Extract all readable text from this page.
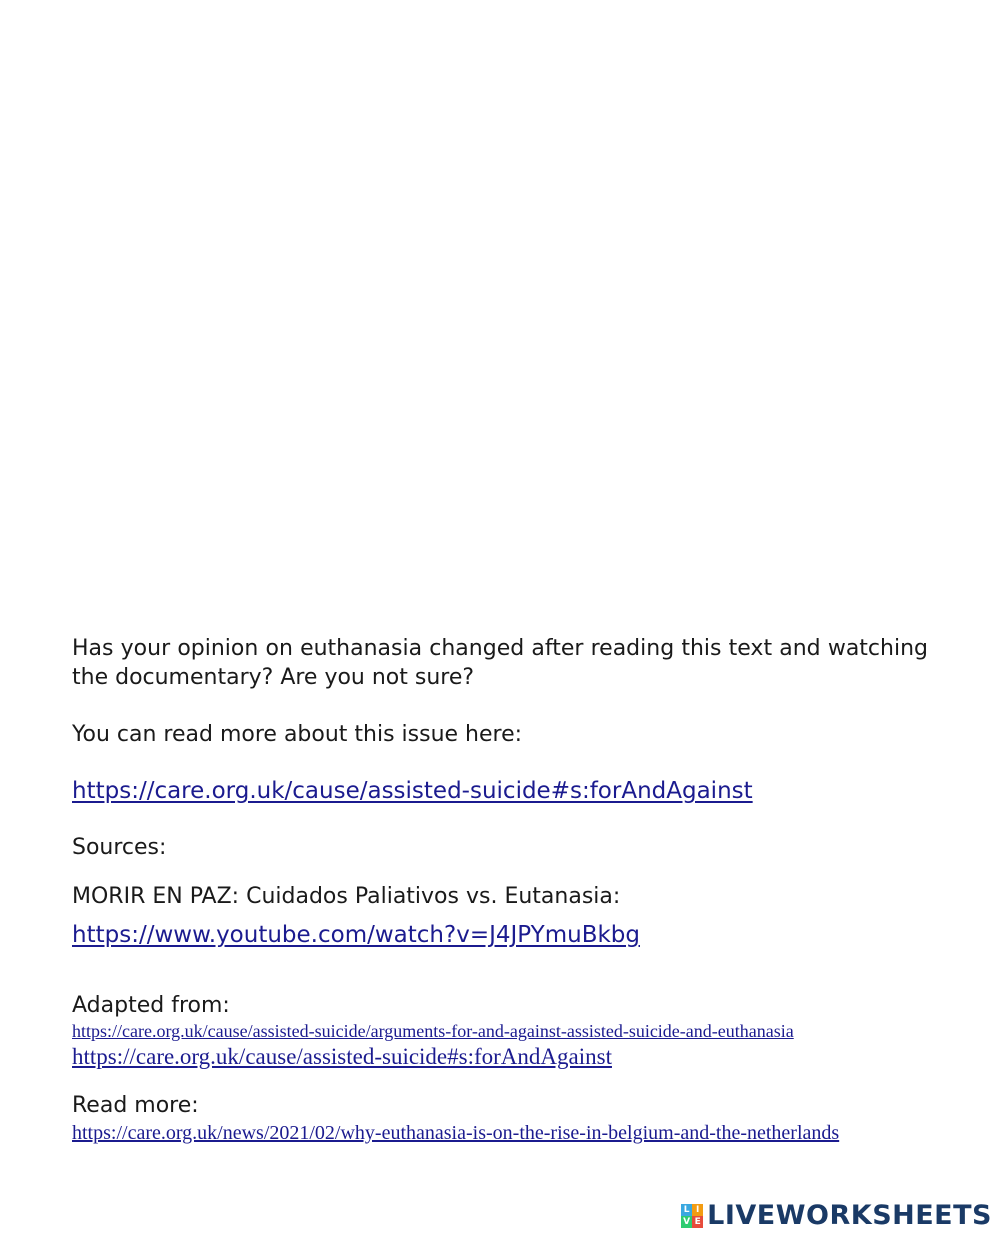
Has your opinion on euthanasia changed after reading this text and watching the documentary? Are you not sure?

You can read more about this issue here:

https://care.org.uk/cause/assisted-suicide#s:forAndAgainst

Sources:

MORIR EN PAZ: Cuidados Paliativos vs. Eutanasia:

https://www.youtube.com/watch?v=J4JPYmuBkbg

Adapted from:

https://care.org.uk/cause/assisted-suicide/arguments-for-and-against-assisted-suicide-and-euthanasia
https://care.org.uk/cause/assisted-suicide#s:forAndAgainst

Read more:

https://care.org.uk/news/2021/02/why-euthanasia-is-on-the-rise-in-belgium-and-the-netherlands
L I
V E LIVEWORKSHEETS
